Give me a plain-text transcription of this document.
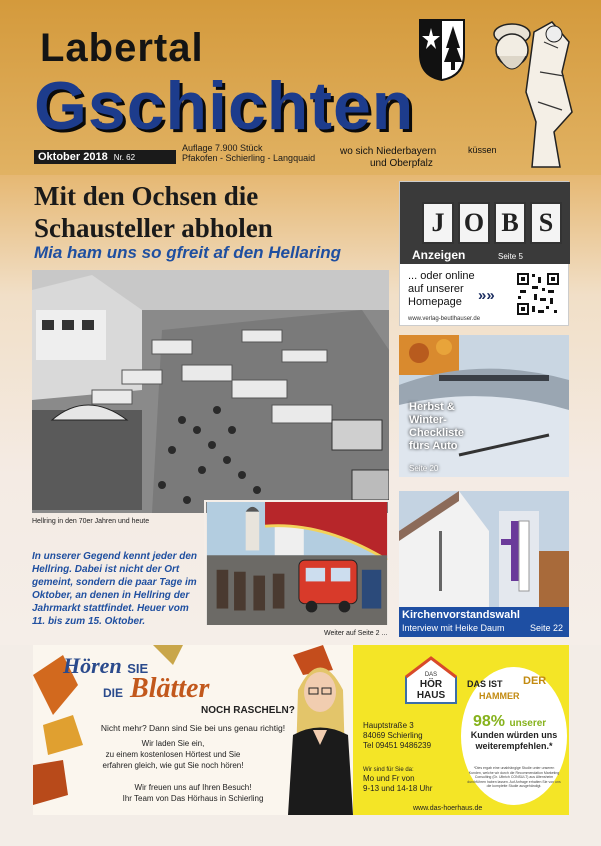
Labertal
Gschichten
Oktober 2018 Nr. 62
Auflage 7.900 Stück
Pfakofen - Schierling - Langquaid
wo sich Niederbayern
und Oberpfalz
küssen
Mit den Ochsen die
Schausteller abholen
Mia ham uns so gfreit af den Hellaring
Hellring in den 70er Jahren und heute
In unserer Gegend kennt jeder den Hellring. Dabei ist nicht der Ort gemeint, sondern die paar Tage im Oktober, an denen in Hellring der Jahrmarkt stattfindet. Heuer vom 11. bis zum 15. Oktober.
Weiter auf Seite 2 ...
J O B S
Anzeigen	Seite 5
... oder online
auf unserer
Homepage	»»
www.verlag-beutlhauser.de
Herbst &
Winter-
Checkliste
fürs Auto
Seite 20
Kirchenvorstandswahl
Interview mit Heike Daum	Seite 22
Hören SIE
DIE Blätter
NOCH RASCHELN?
Nicht mehr? Dann sind Sie bei uns genau richtig!
Wir laden Sie ein,
zu einem kostenlosen Hörtest und Sie
erfahren gleich, wie gut Sie noch hören!
Wir freuen uns auf Ihren Besuch!
Ihr Team von Das Hörhaus in Schierling
DAS
HÖR
HAUS
Hauptstraße 3
84069 Schierling
Tel 09451 9486239
Wir sind für Sie da:
Mo und Fr von
9-13 und 14-18 Uhr
www.das-hoerhaus.de
DAS IST DER
HAMMER
98% unserer
Kunden würden uns
weiterempfehlen.*
*Dies ergab eine unabhängige Studie unter unseren Kunden, welche wir durch die Recommendation Marketing Consulting (Dr. Ulbrich CONSULT) aus Altensheim durchführen haben lassen. Auf Anfrage erhalten Sie von uns die komplette Studie ausgehändigt.
